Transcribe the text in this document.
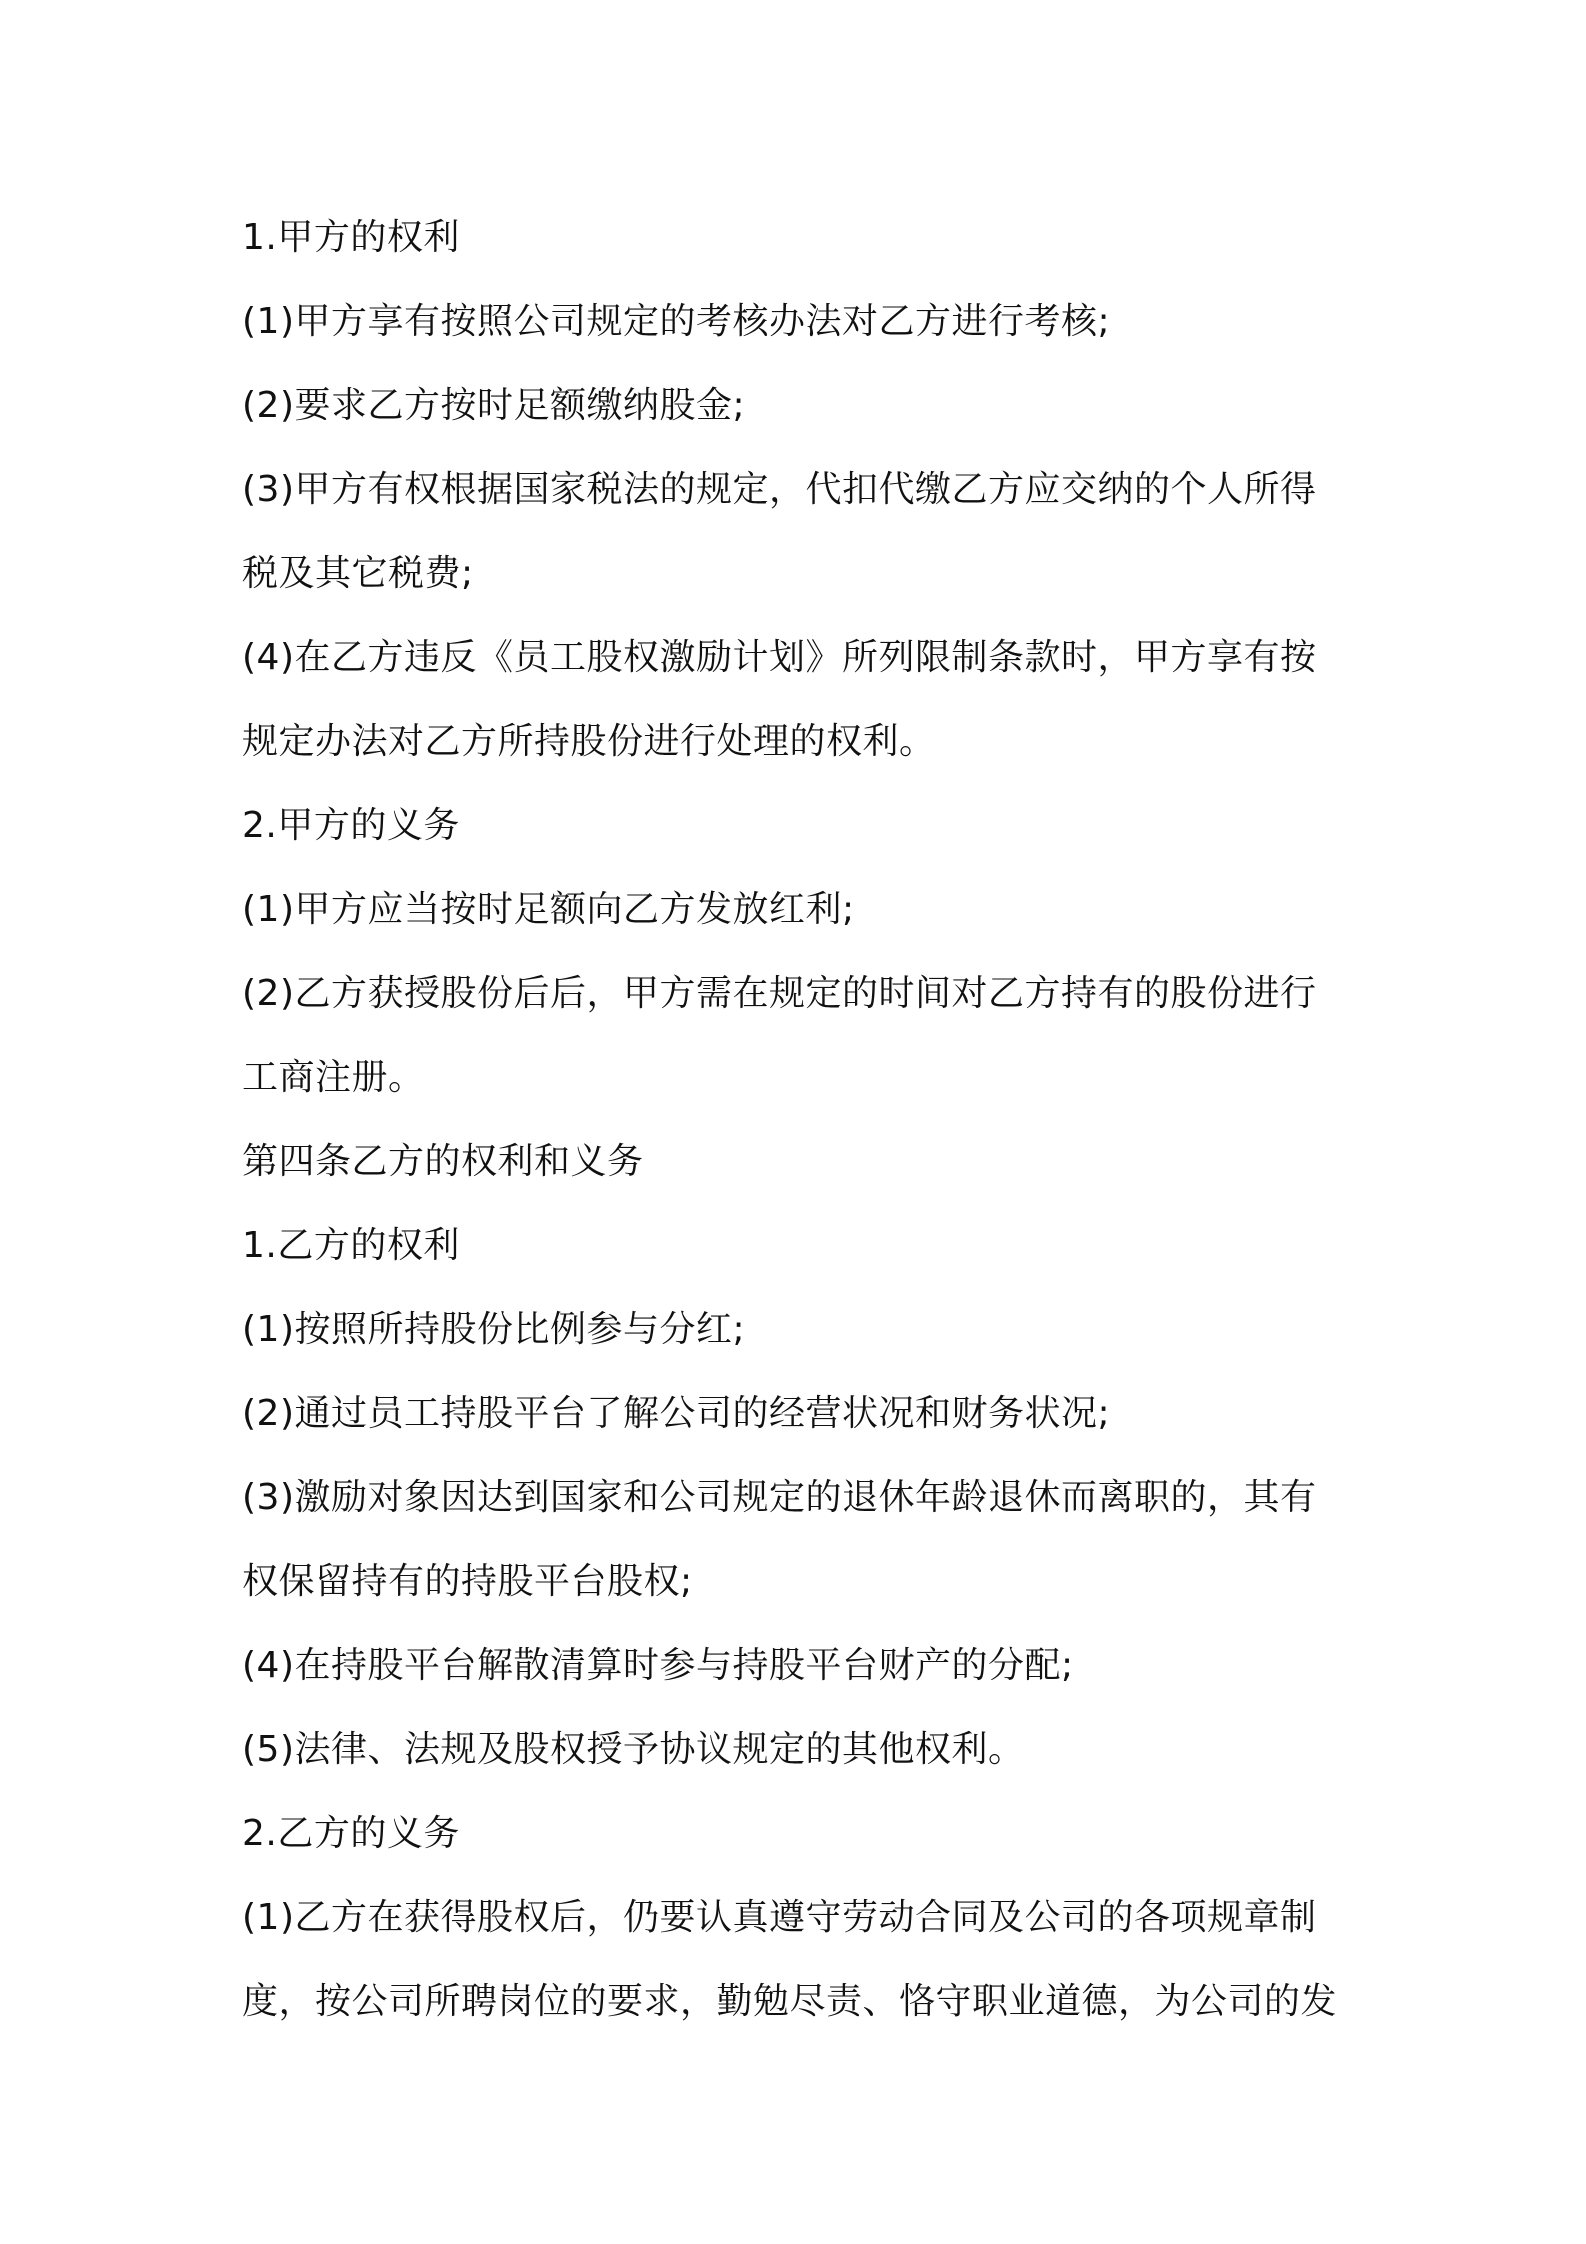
1.甲方的权利
(1)甲方享有按照公司规定的考核办法对乙方进行考核;
(2)要求乙方按时足额缴纳股金;
(3)甲方有权根据国家税法的规定，代扣代缴乙方应交纳的个人所得
税及其它税费;
(4)在乙方违反《员工股权激励计划》所列限制条款时，甲方享有按
规定办法对乙方所持股份进行处理的权利。
2.甲方的义务
(1)甲方应当按时足额向乙方发放红利;
(2)乙方获授股份后后，甲方需在规定的时间对乙方持有的股份进行
工商注册。
第四条乙方的权利和义务
1.乙方的权利
(1)按照所持股份比例参与分红;
(2)通过员工持股平台了解公司的经营状况和财务状况;
(3)激励对象因达到国家和公司规定的退休年龄退休而离职的，其有
权保留持有的持股平台股权;
(4)在持股平台解散清算时参与持股平台财产的分配;
(5)法律、法规及股权授予协议规定的其他权利。
2.乙方的义务
(1)乙方在获得股权后，仍要认真遵守劳动合同及公司的各项规章制
度，按公司所聘岗位的要求，勤勉尽责、恪守职业道德，为公司的发
